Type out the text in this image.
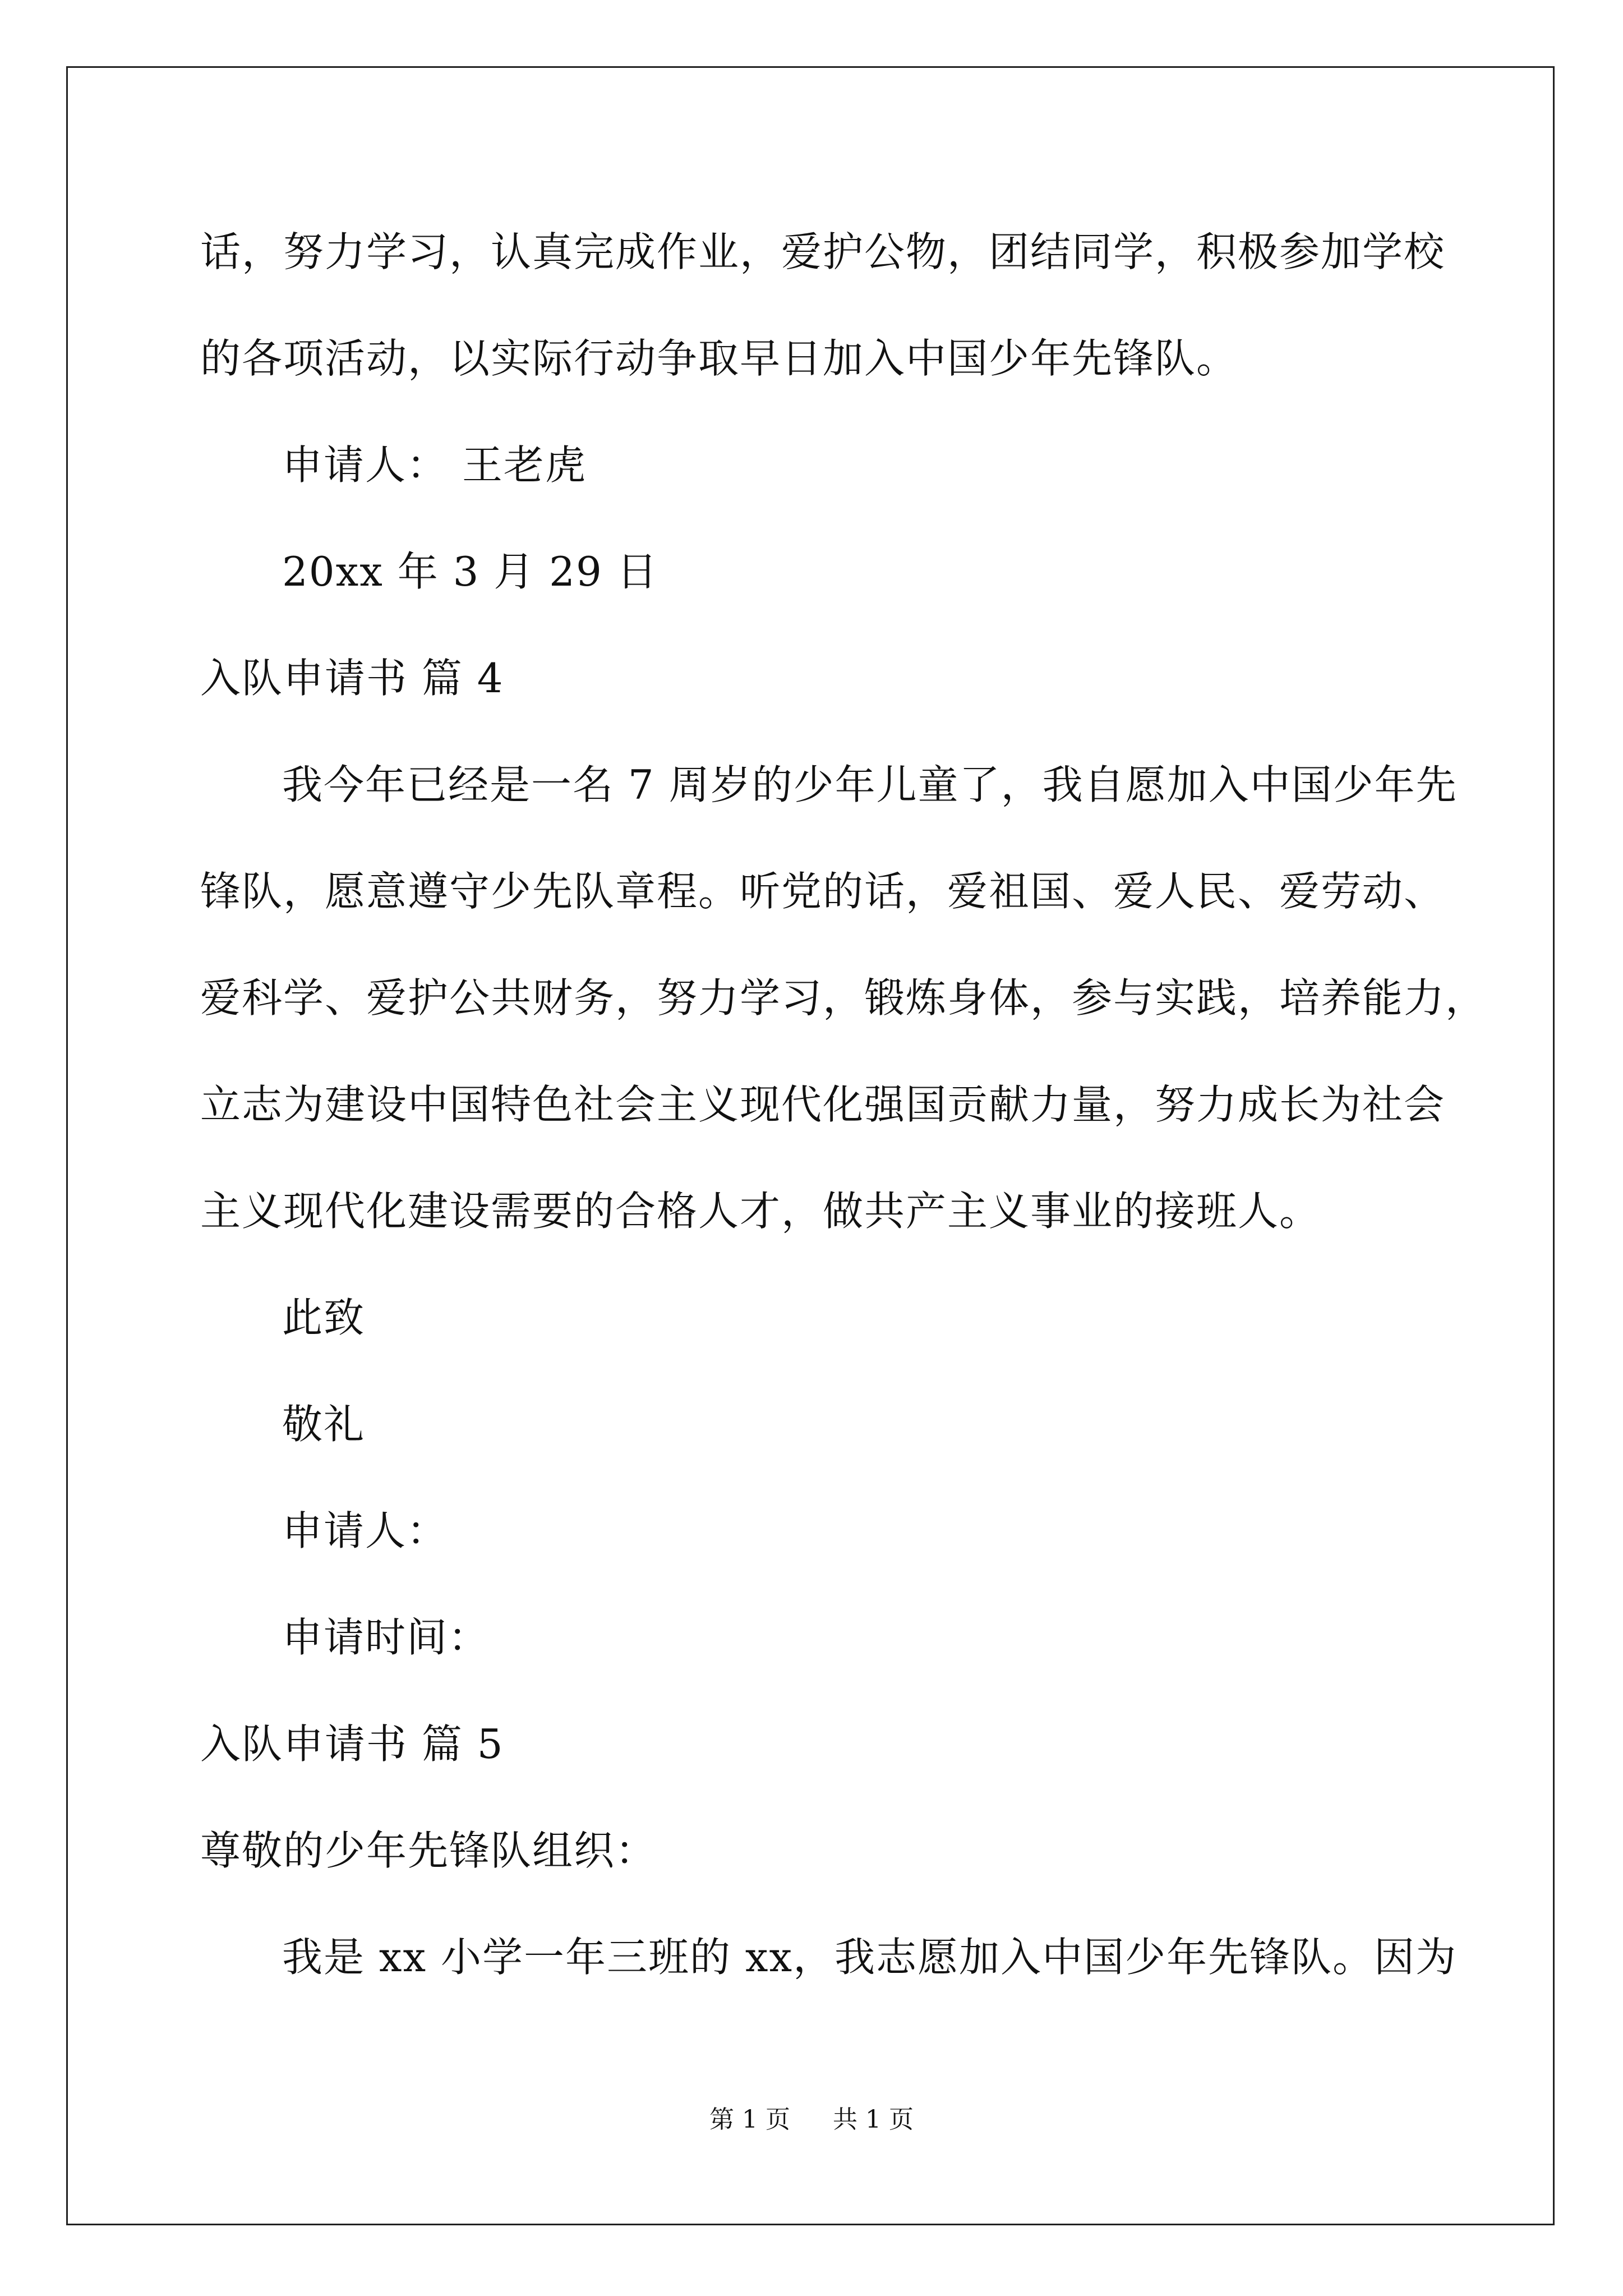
话，努力学习，认真完成作业，爱护公物，团结同学，积极参加学校
的各项活动，以实际行动争取早日加入中国少年先锋队。
申请人： 王老虎
20xx 年 3 月 29 日
入队申请书 篇 4
我今年已经是一名 7 周岁的少年儿童了，我自愿加入中国少年先
锋队，愿意遵守少先队章程。听党的话，爱祖国、爱人民、爱劳动、
爱科学、爱护公共财务，努力学习，锻炼身体，参与实践，培养能力，
立志为建设中国特色社会主义现代化强国贡献力量，努力成长为社会
主义现代化建设需要的合格人才，做共产主义事业的接班人。
此致
敬礼
申请人：
申请时间：
入队申请书 篇 5
尊敬的少年先锋队组织：
我是 xx 小学一年三班的 xx，我志愿加入中国少年先锋队。因为
第 1 页 共 1 页
